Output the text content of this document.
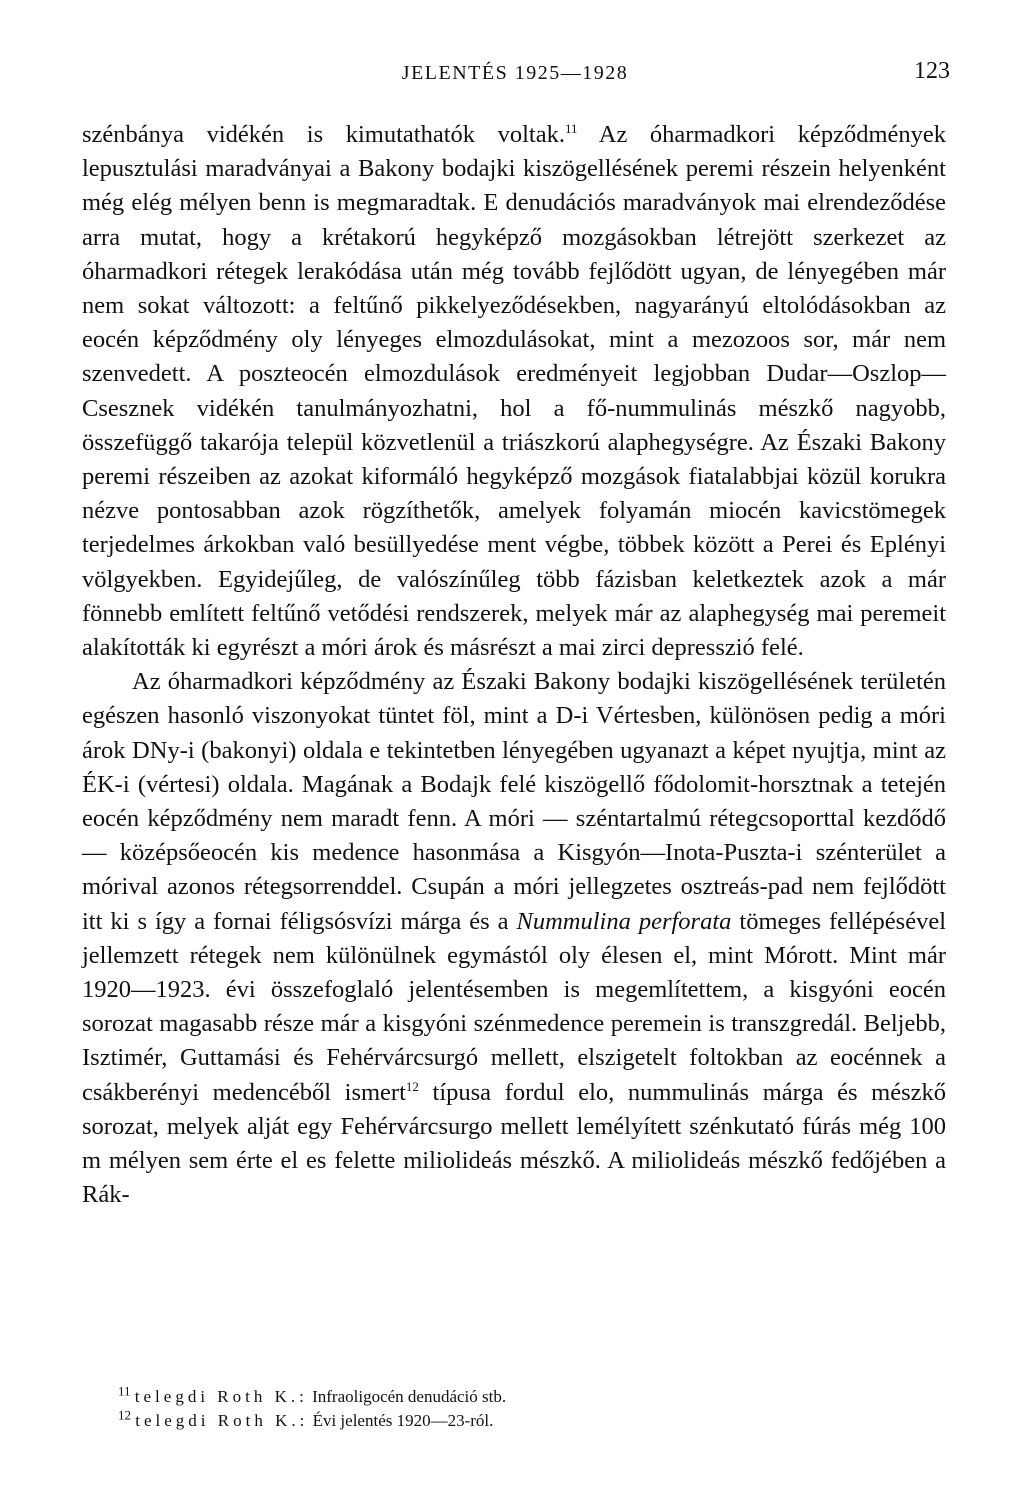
JELENTÉS 1925—1928	123

szénbánya vidékén is kimutathatók voltak.$^{11}$ Az óharmadkori képződmények lepusztulási maradványai a Bakony bodajki kiszögellésének peremi részein helyenként még elég mélyen benn is megmaradtak. E denudációs maradványok mai elrendeződése arra mutat, hogy a krétakorú hegyképző mozgásokban létrejött szerkezet az óharmadkori rétegek lerakódása után még tovább fejlődött ugyan, de lényegében már nem sokat változott: a feltűnő pikkelyeződésekben, nagyarányú eltolódásokban az eocén képződmény oly lényeges elmozdulásokat, mint a mezozoos sor, már nem szenvedett. A poszteocén elmozdulások eredményeit legjobban Dudar—Oszlop—Csesznek vidékén tanulmányozhatni, hol a fő-nummulinás mészkő nagyobb, összefüggő takarója települ közvetlenül a triászkorú alaphegységre. Az Északi Bakony peremi részeiben az azokat kiformáló hegyképző mozgások fiatalabbjai közül korukra nézve pontosabban azok rögzíthetők, amelyek folyamán miocén kavicstömegek terjedelmes árkokban való besüllyedése ment végbe, többek között a Perei és Eplényi völgyekben. Egyidejűleg, de valószínűleg több fázisban keletkeztek azok a már fönnebb említett feltűnő vetődési rendszerek, melyek már az alaphegység mai peremeit alakították ki egyrészt a móri árok és másrészt a mai zirci depresszió felé.

Az óharmadkori képződmény az Északi Bakony bodajki kiszögellésének területén egészen hasonló viszonyokat tüntet föl, mint a D-i Vértesben, különösen pedig a móri árok DNy-i (bakonyi) oldala e tekintetben lényegében ugyanazt a képet nyujtja, mint az ÉK-i (vértesi) oldala. Magának a Bodajk felé kiszögellő fődolomit-horsztnak a tetején eocén képződmény nem maradt fenn. A móri — széntartalmú rétegcsoporttal kezdődő — középsőeocén kis medence hasonmása a Kisgyón—Inota-Puszta-i szénterület a mórival azonos rétegsorrenddel. Csupán a móri jellegzetes osztreás-pad nem fejlődött itt ki s így a fornai féligsósvízi márga és a Nummulina perforata tömeges fellépésével jellemzett rétegek nem különülnek egymástól oly élesen el, mint Mórott. Mint már 1920—1923. évi összefoglaló jelentésemben is megemlítettem, a kisgyóni eocén sorozat magasabb része már a kisgyóni szénmedence peremein is transzgredál. Beljebb, Isztimér, Guttamási és Fehérvárcsurgó mellett, elszigetelt foltokban az eocénnek a csákberényi medencéből ismert$^{12}$ típusa fordul elo, nummulinás márga és mészkő sorozat, melyek alját egy Fehérvárcsurgo mellett lemélyített szénkutató fúrás még 100 m mélyen sem érte el es felette miliolideás mészkő. A miliolideás mészkő fedőjében a Rák-

$^{11}$ telegdi Roth K.: Infraoligocén denudáció stb.
$^{12}$ telegdi Roth K.: Évi jelentés 1920—23-ról.
